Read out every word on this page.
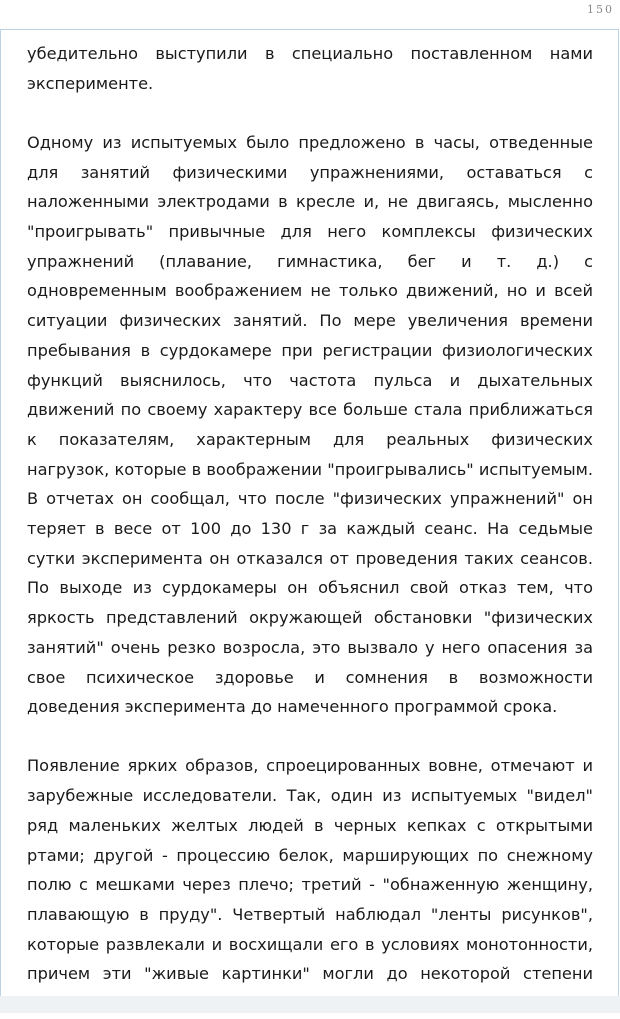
150

убедительно выступили в специально поставленном нами эксперименте.

Одному из испытуемых было предложено в часы, отведенные для занятий физическими упражнениями, оставаться с наложенными электродами в кресле и, не двигаясь, мысленно "проигрывать" привычные для него комплексы физических упражнений (плавание, гимнастика, бег и т. д.) с одновременным воображением не только движений, но и всей ситуации физических занятий. По мере увеличения времени пребывания в сурдокамере при регистрации физиологических функций выяснилось, что частота пульса и дыхательных движений по своему характеру все больше стала приближаться к показателям, характерным для реальных физических нагрузок, которые в воображении "проигрывались" испытуемым. В отчетах он сообщал, что после "физических упражнений" он теряет в весе от 100 до 130 г за каждый сеанс. На седьмые сутки эксперимента он отказался от проведения таких сеансов. По выходе из сурдокамеры он объяснил свой отказ тем, что яркость представлений окружающей обстановки "физических занятий" очень резко возросла, это вызвало у него опасения за свое психическое здоровье и сомнения в возможности доведения эксперимента до намеченного программой срока.

Появление ярких образов, спроецированных вовне, отмечают и зарубежные исследователи. Так, один из испытуемых "видел" ряд маленьких желтых людей в черных кепках с открытыми ртами; другой - процессию белок, марширующих по снежному полю с мешками через плечо; третий - "обнаженную женщину, плавающую в пруду". Четвертый наблюдал "ленты рисунков", которые развлекали и восхищали его в условиях монотонности, причем эти "живые картинки" могли до некоторой степени
